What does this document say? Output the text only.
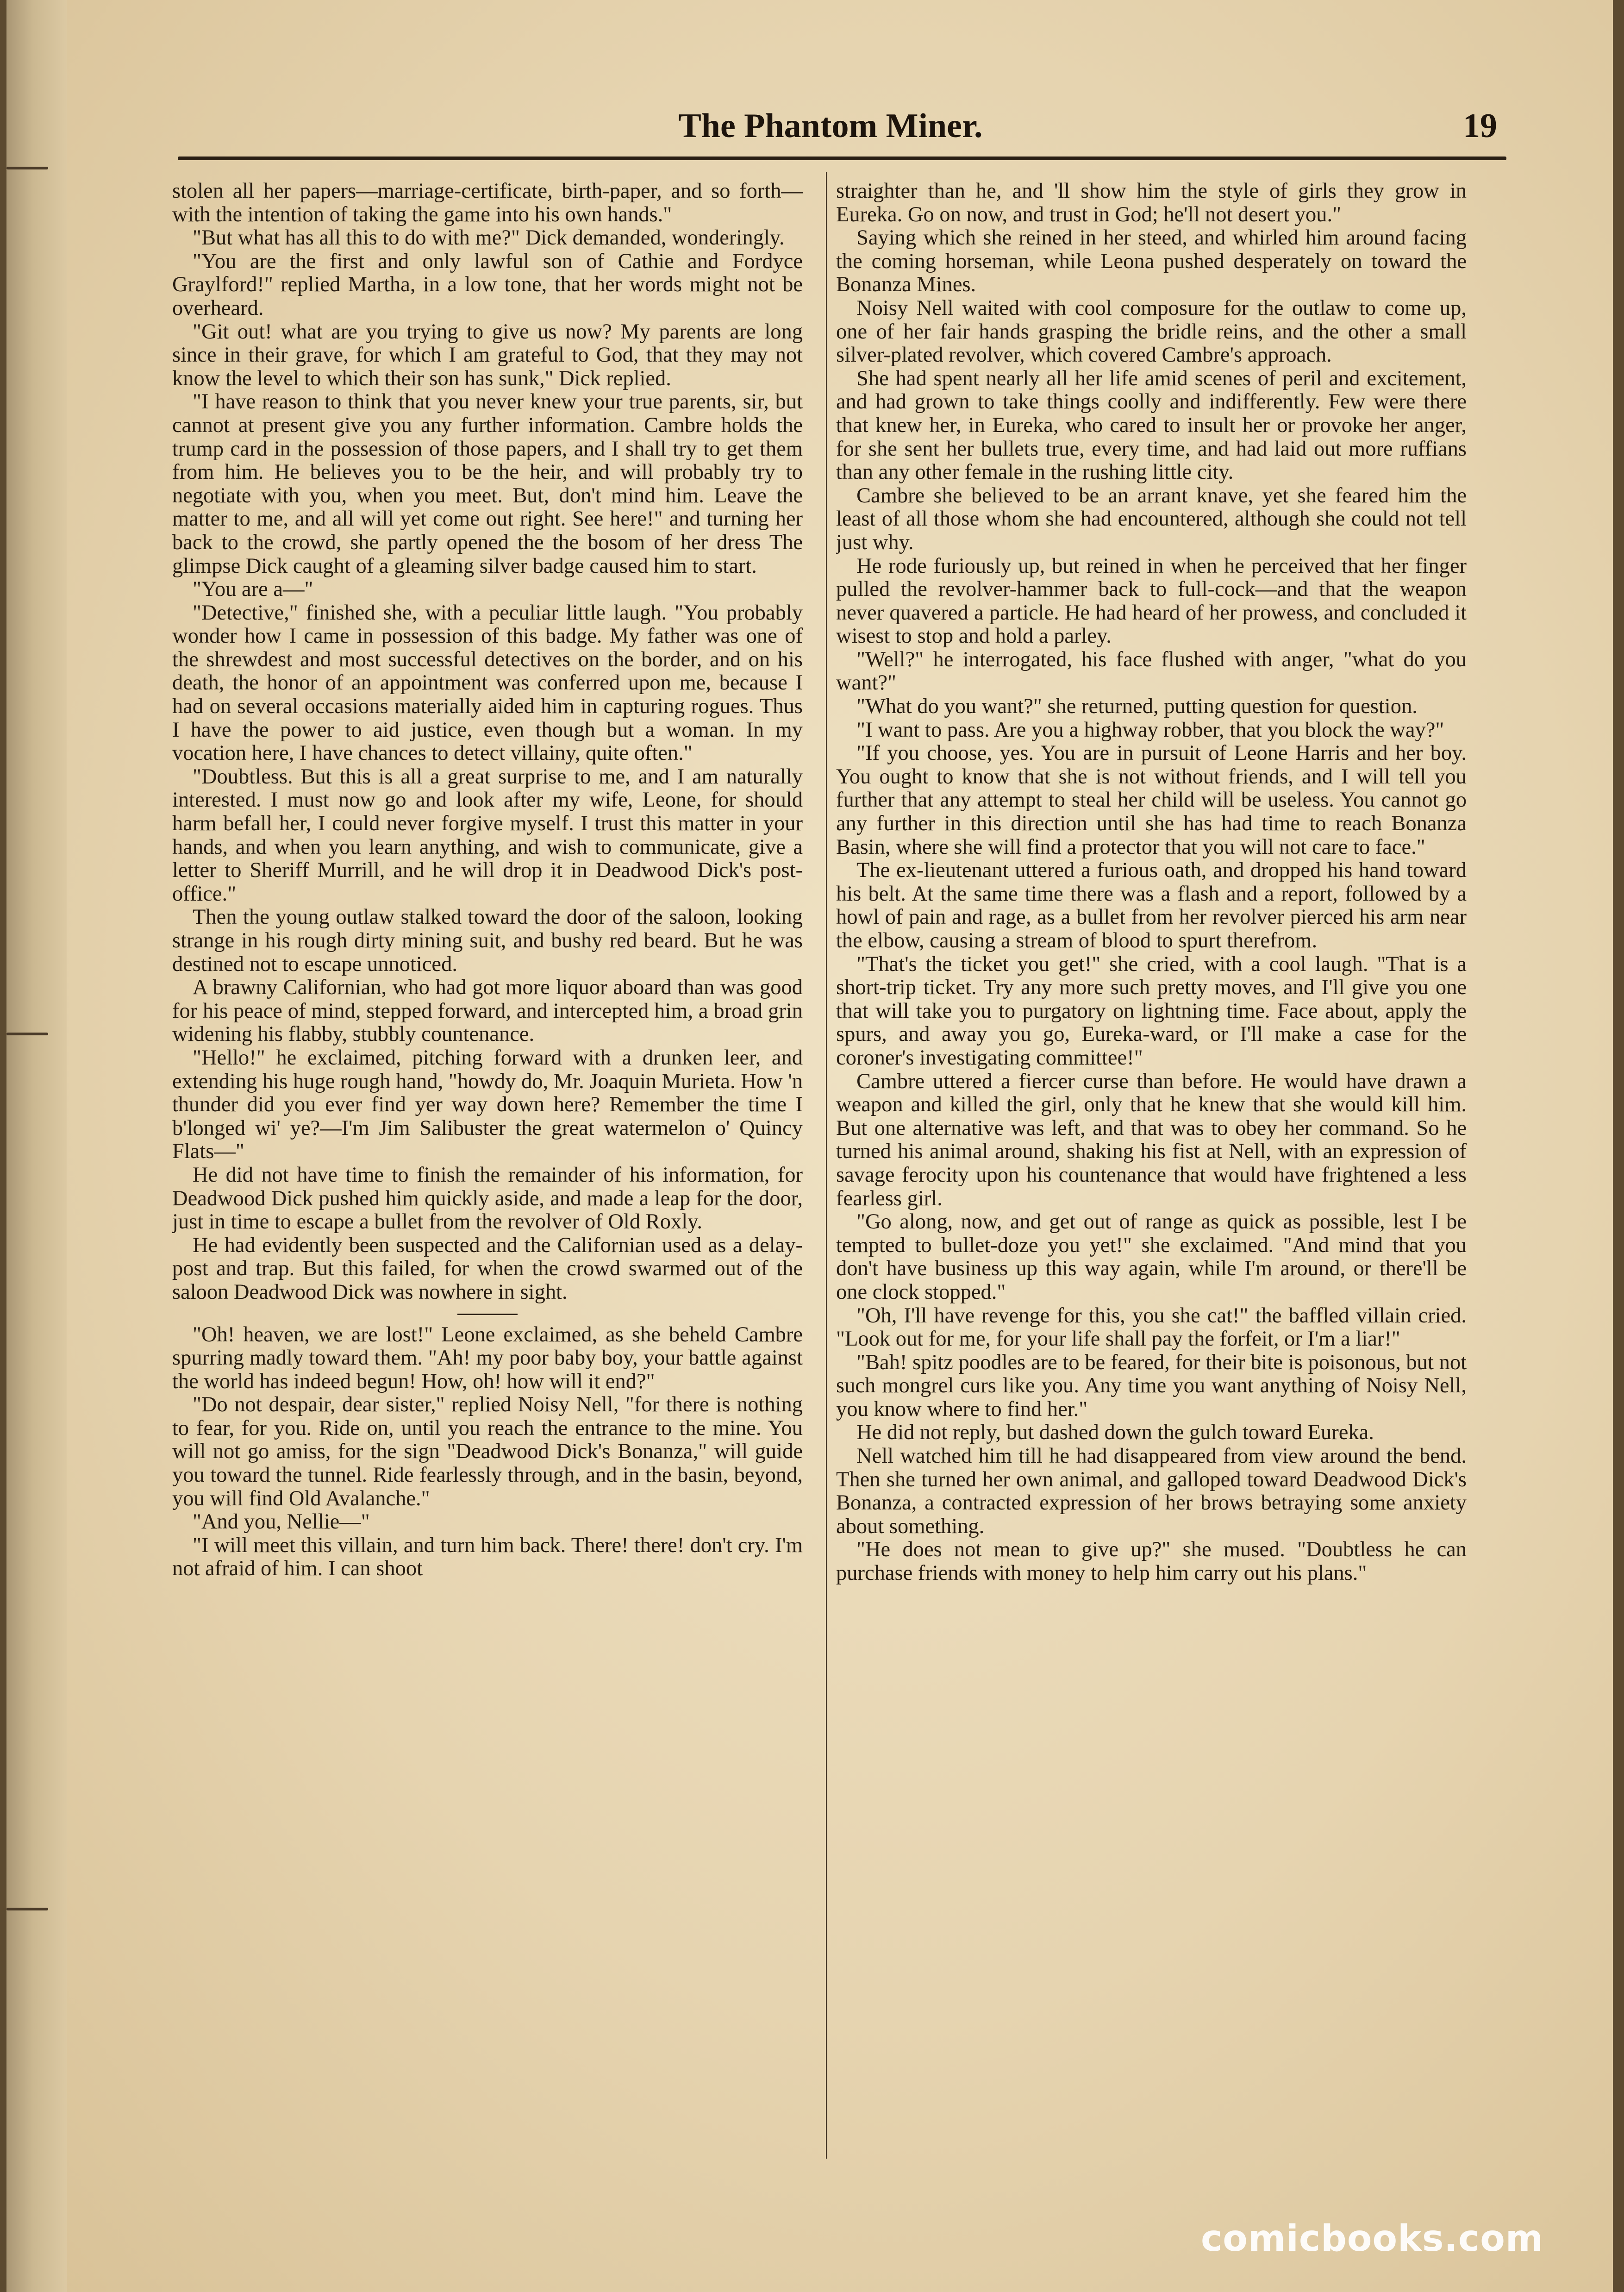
The Phantom Miner.	19

stolen all her papers—marriage-certificate, birth-paper, and so forth—with the intention of taking the game into his own hands."

"But what has all this to do with me?" Dick demanded, wonderingly.

"You are the first and only lawful son of Cathie and Fordyce Graylford!" replied Martha, in a low tone, that her words might not be overheard.

"Git out! what are you trying to give us now? My parents are long since in their grave, for which I am grateful to God, that they may not know the level to which their son has sunk," Dick replied.

"I have reason to think that you never knew your true parents, sir, but cannot at present give you any further information. Cambre holds the trump card in the possession of those papers, and I shall try to get them from him. He believes you to be the heir, and will probably try to negotiate with you, when you meet. But, don't mind him. Leave the matter to me, and all will yet come out right. See here!" and turning her back to the crowd, she partly opened the the bosom of her dress The glimpse Dick caught of a gleaming silver badge caused him to start.

"You are a—"

"Detective," finished she, with a peculiar little laugh. "You probably wonder how I came in possession of this badge. My father was one of the shrewdest and most successful detectives on the border, and on his death, the honor of an appointment was conferred upon me, because I had on several occasions materially aided him in capturing rogues. Thus I have the power to aid justice, even though but a woman. In my vocation here, I have chances to detect villainy, quite often."

"Doubtless. But this is all a great surprise to me, and I am naturally interested. I must now go and look after my wife, Leone, for should harm befall her, I could never forgive myself. I trust this matter in your hands, and when you learn anything, and wish to communicate, give a letter to Sheriff Murrill, and he will drop it in Deadwood Dick's post-office."

Then the young outlaw stalked toward the door of the saloon, looking strange in his rough dirty mining suit, and bushy red beard. But he was destined not to escape unnoticed.

A brawny Californian, who had got more liquor aboard than was good for his peace of mind, stepped forward, and intercepted him, a broad grin widening his flabby, stubbly countenance.

"Hello!" he exclaimed, pitching forward with a drunken leer, and extending his huge rough hand, "howdy do, Mr. Joaquin Murieta. How 'n thunder did you ever find yer way down here? Remember the time I b'longed wi' ye?—I'm Jim Salibuster the great watermelon o' Quincy Flats—"

He did not have time to finish the remainder of his information, for Deadwood Dick pushed him quickly aside, and made a leap for the door, just in time to escape a bullet from the revolver of Old Roxly.

He had evidently been suspected and the Californian used as a delay-post and trap. But this failed, for when the crowd swarmed out of the saloon Deadwood Dick was nowhere in sight.

"Oh! heaven, we are lost!" Leone exclaimed, as she beheld Cambre spurring madly toward them. "Ah! my poor baby boy, your battle against the world has indeed begun! How, oh! how will it end?"

"Do not despair, dear sister," replied Noisy Nell, "for there is nothing to fear, for you. Ride on, until you reach the entrance to the mine. You will not go amiss, for the sign "Deadwood Dick's Bonanza," will guide you toward the tunnel. Ride fearlessly through, and in the basin, beyond, you will find Old Avalanche."

"And you, Nellie—"

"I will meet this villain, and turn him back. There! there! don't cry. I'm not afraid of him. I can shoot

straighter than he, and 'll show him the style of girls they grow in Eureka. Go on now, and trust in God; he'll not desert you."

Saying which she reined in her steed, and whirled him around facing the coming horseman, while Leona pushed desperately on toward the Bonanza Mines.

Noisy Nell waited with cool composure for the outlaw to come up, one of her fair hands grasping the bridle reins, and the other a small silver-plated revolver, which covered Cambre's approach.

She had spent nearly all her life amid scenes of peril and excitement, and had grown to take things coolly and indifferently. Few were there that knew her, in Eureka, who cared to insult her or provoke her anger, for she sent her bullets true, every time, and had laid out more ruffians than any other female in the rushing little city.

Cambre she believed to be an arrant knave, yet she feared him the least of all those whom she had encountered, although she could not tell just why.

He rode furiously up, but reined in when he perceived that her finger pulled the revolver-hammer back to full-cock—and that the weapon never quavered a particle. He had heard of her prowess, and concluded it wisest to stop and hold a parley.

"Well?" he interrogated, his face flushed with anger, "what do you want?"

"What do you want?" she returned, putting question for question.

"I want to pass. Are you a highway robber, that you block the way?"

"If you choose, yes. You are in pursuit of Leone Harris and her boy. You ought to know that she is not without friends, and I will tell you further that any attempt to steal her child will be useless. You cannot go any further in this direction until she has had time to reach Bonanza Basin, where she will find a protector that you will not care to face."

The ex-lieutenant uttered a furious oath, and dropped his hand toward his belt. At the same time there was a flash and a report, followed by a howl of pain and rage, as a bullet from her revolver pierced his arm near the elbow, causing a stream of blood to spurt therefrom.

"That's the ticket you get!" she cried, with a cool laugh. "That is a short-trip ticket. Try any more such pretty moves, and I'll give you one that will take you to purgatory on lightning time. Face about, apply the spurs, and away you go, Eureka-ward, or I'll make a case for the coroner's investigating committee!"

Cambre uttered a fiercer curse than before. He would have drawn a weapon and killed the girl, only that he knew that she would kill him. But one alternative was left, and that was to obey her command. So he turned his animal around, shaking his fist at Nell, with an expression of savage ferocity upon his countenance that would have frightened a less fearless girl.

"Go along, now, and get out of range as quick as possible, lest I be tempted to bullet-doze you yet!" she exclaimed. "And mind that you don't have business up this way again, while I'm around, or there'll be one clock stopped."

"Oh, I'll have revenge for this, you she cat!" the baffled villain cried. "Look out for me, for your life shall pay the forfeit, or I'm a liar!"

"Bah! spitz poodles are to be feared, for their bite is poisonous, but not such mongrel curs like you. Any time you want anything of Noisy Nell, you know where to find her."

He did not reply, but dashed down the gulch toward Eureka.

Nell watched him till he had disappeared from view around the bend. Then she turned her own animal, and galloped toward Deadwood Dick's Bonanza, a contracted expression of her brows betraying some anxiety about something.

"He does not mean to give up?" she mused. "Doubtless he can purchase friends with money to help him carry out his plans."

comicbooks.com
